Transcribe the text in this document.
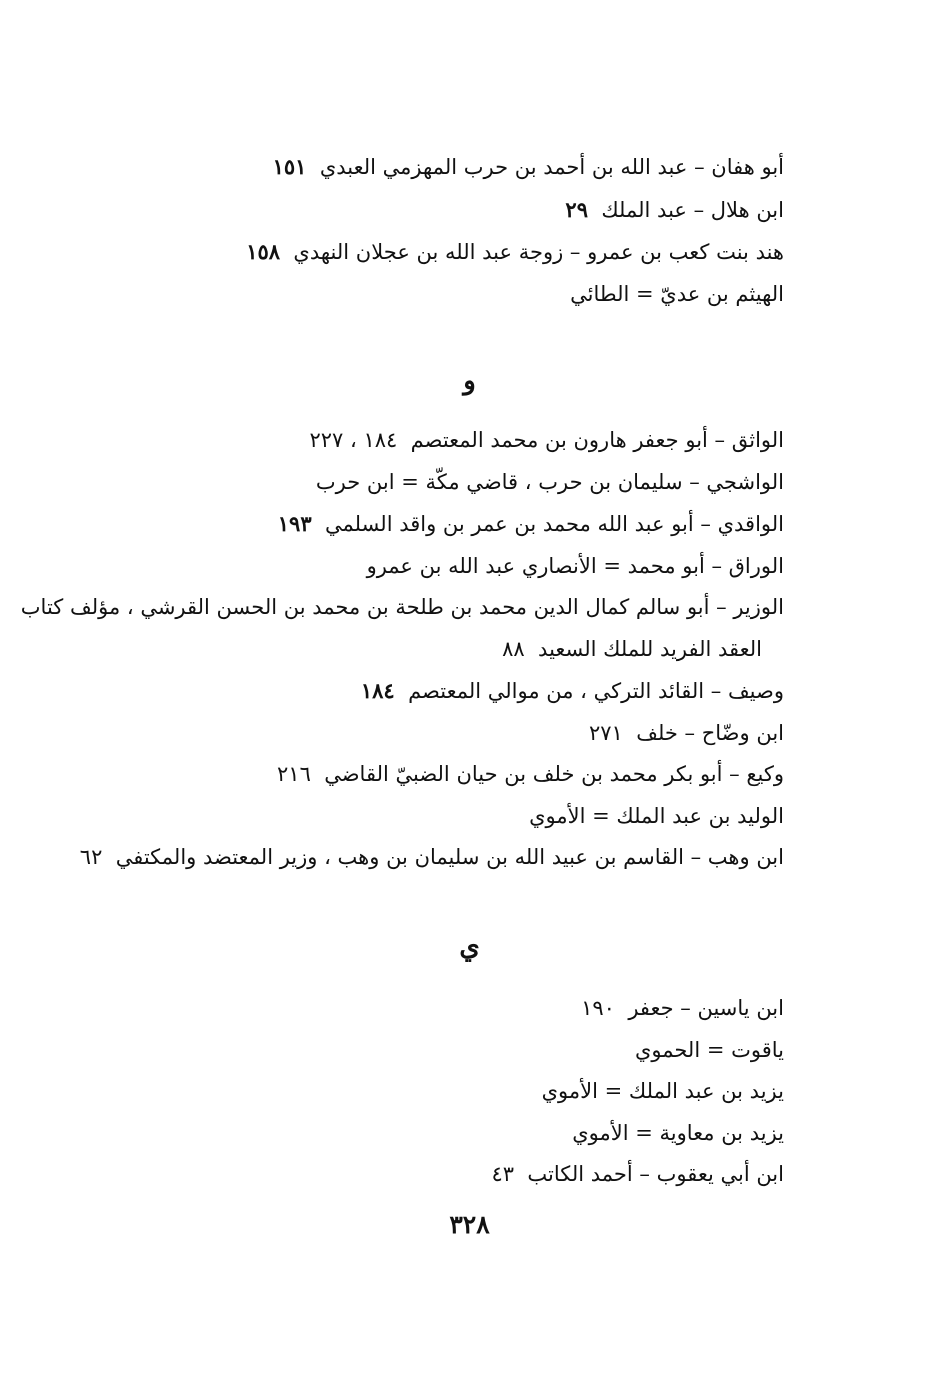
أبو هفان – عبد الله بن أحمد بن حرب المهزمي العبدي  ١٥١
ابن هلال – عبد الملك  ٢٩
هند بنت كعب بن عمرو – زوجة عبد الله بن عجلان النهدي  ١٥٨
الهيثم بن عديّ = الطائي
و
الواثق – أبو جعفر هارون بن محمد المعتصم  ١٨٤ ، ٢٢٧
الواشجي – سليمان بن حرب ، قاضي مكّة = ابن حرب
الواقدي – أبو عبد الله محمد بن عمر بن واقد السلمي  ١٩٣
الوراق – أبو محمد = الأنصاري عبد الله بن عمرو
الوزير – أبو سالم كمال الدين محمد بن طلحة بن محمد بن الحسن القرشي ، مؤلف كتاب
العقد الفريد للملك السعيد  ٨٨
وصيف – القائد التركي ، من موالي المعتصم  ١٨٤
ابن وضّاح – خلف  ٢٧١
وكيع – أبو بكر محمد بن خلف بن حيان الضبيّ القاضي  ٢١٦
الوليد بن عبد الملك = الأموي
ابن وهب – القاسم بن عبيد الله بن سليمان بن وهب ، وزير المعتضد والمكتفي  ٦٢
ي
ابن ياسين – جعفر  ١٩٠
ياقوت = الحموي
يزيد بن عبد الملك = الأموي
يزيد بن معاوية = الأموي
ابن أبي يعقوب – أحمد الكاتب  ٤٣
٣٢٨
